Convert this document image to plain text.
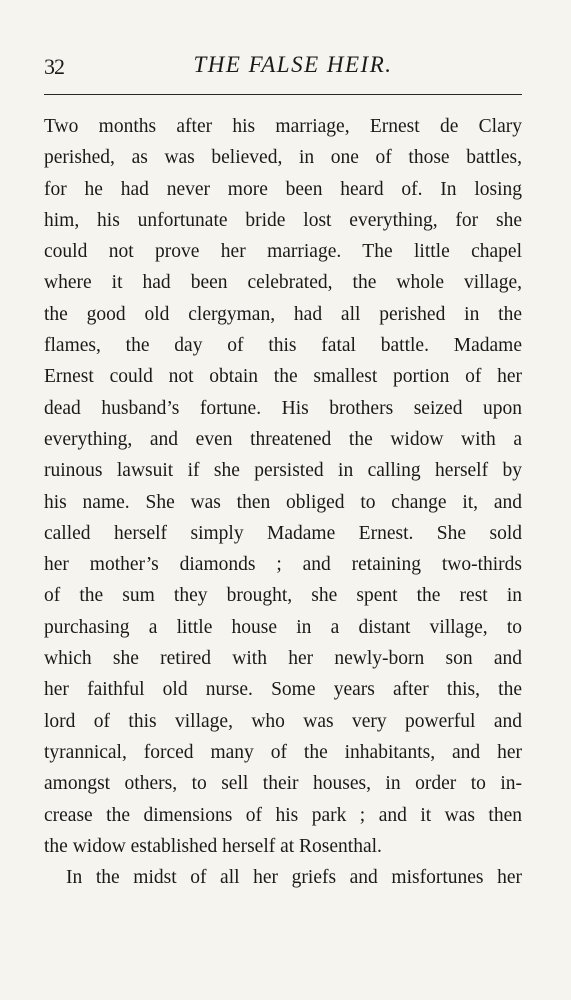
32	THE FALSE HEIR.
Two months after his marriage, Ernest de Clary
perished, as was believed, in one of those battles,
for he had never more been heard of. In losing
him, his unfortunate bride lost everything, for she
could not prove her marriage. The little chapel
where it had been celebrated, the whole village,
the good old clergyman, had all perished in the
flames, the day of this fatal battle. Madame
Ernest could not obtain the smallest portion of her
dead husband’s fortune. His brothers seized upon
everything, and even threatened the widow with a
ruinous lawsuit if she persisted in calling herself by
his name. She was then obliged to change it, and
called herself simply Madame Ernest. She sold
her mother’s diamonds ; and retaining two-thirds
of the sum they brought, she spent the rest in
purchasing a little house in a distant village, to
which she retired with her newly-born son and
her faithful old nurse. Some years after this, the
lord of this village, who was very powerful and
tyrannical, forced many of the inhabitants, and her
amongst others, to sell their houses, in order to in-
crease the dimensions of his park ; and it was then
the widow established herself at Rosenthal.
In the midst of all her griefs and misfortunes her
